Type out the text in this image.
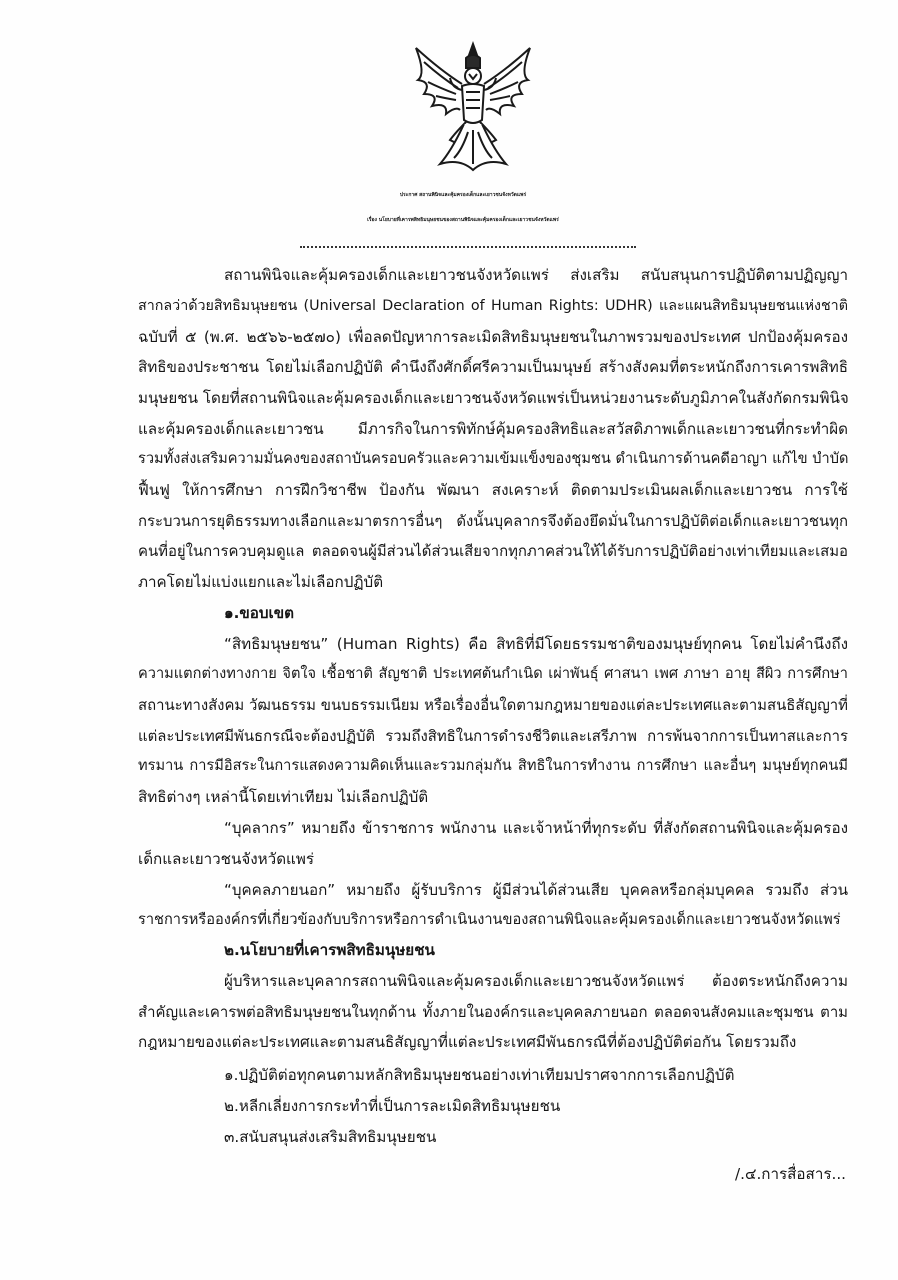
ประกาศ สถานพินิจและคุ้มครองเด็กและเยาวชนจังหวัดแพร่
เรื่อง นโยบายที่เคารพสิทธิมนุษยชนของสถานพินิจและคุ้มครองเด็กและเยาวชนจังหวัดแพร่
สถานพินิจและคุ้มครองเด็กและเยาวชนจังหวัดแพร่ ส่งเสริม สนับสนุนการปฏิบัติตามปฏิญญา
สากลว่าด้วยสิทธิมนุษยชน (Universal Declaration of Human Rights: UDHR) และแผนสิทธิมนุษยชนแห่งชาติ
ฉบับที่ ๕ (พ.ศ. ๒๕๖๖-๒๕๗๐) เพื่อลดปัญหาการละเมิดสิทธิมนุษยชนในภาพรวมของประเทศ ปกป้องคุ้มครอง
สิทธิของประชาชน โดยไม่เลือกปฏิบัติ คำนึงถึงศักดิ์ศรีความเป็นมนุษย์ สร้างสังคมที่ตระหนักถึงการเคารพสิทธิ
มนุษยชน โดยที่สถานพินิจและคุ้มครองเด็กและเยาวชนจังหวัดแพร่เป็นหน่วยงานระดับภูมิภาคในสังกัดกรมพินิจ
และคุ้มครองเด็กและเยาวชน มีภารกิจในการพิทักษ์คุ้มครองสิทธิและสวัสดิภาพเด็กและเยาวชนที่กระทำผิด
รวมทั้งส่งเสริมความมั่นคงของสถาบันครอบครัวและความเข้มแข็งของชุมชน ดำเนินการด้านคดีอาญา แก้ไข บำบัด
ฟื้นฟู ให้การศึกษา การฝึกวิชาชีพ ป้องกัน พัฒนา สงเคราะห์ ติดตามประเมินผลเด็กและเยาวชน การใช้
กระบวนการยุติธรรมทางเลือกและมาตรการอื่นๆ ดังนั้นบุคลากรจึงต้องยึดมั่นในการปฏิบัติต่อเด็กและเยาวชนทุก
คนที่อยู่ในการควบคุมดูแล ตลอดจนผู้มีส่วนได้ส่วนเสียจากทุกภาคส่วนให้ได้รับการปฏิบัติอย่างเท่าเทียมและเสมอ
ภาคโดยไม่แบ่งแยกและไม่เลือกปฏิบัติ
๑.ขอบเขต
“สิทธิมนุษยชน” (Human Rights) คือ สิทธิที่มีโดยธรรมชาติของมนุษย์ทุกคน โดยไม่คำนึงถึง
ความแตกต่างทางกาย จิตใจ เชื้อชาติ สัญชาติ ประเทศต้นกำเนิด เผ่าพันธุ์ ศาสนา เพศ ภาษา อายุ สีผิว การศึกษา
สถานะทางสังคม วัฒนธรรม ขนบธรรมเนียม หรือเรื่องอื่นใดตามกฎหมายของแต่ละประเทศและตามสนธิสัญญาที่
แต่ละประเทศมีพันธกรณีจะต้องปฏิบัติ รวมถึงสิทธิในการดำรงชีวิตและเสรีภาพ การพ้นจากการเป็นทาสและการ
ทรมาน การมีอิสระในการแสดงความคิดเห็นและรวมกลุ่มกัน สิทธิในการทำงาน การศึกษา และอื่นๆ มนุษย์ทุกคนมี
สิทธิต่างๆ เหล่านี้โดยเท่าเทียม ไม่เลือกปฏิบัติ
“บุคลากร” หมายถึง ข้าราชการ พนักงาน และเจ้าหน้าที่ทุกระดับ ที่สังกัดสถานพินิจและคุ้มครอง
เด็กและเยาวชนจังหวัดแพร่
“บุคคลภายนอก” หมายถึง ผู้รับบริการ ผู้มีส่วนได้ส่วนเสีย บุคคลหรือกลุ่มบุคคล รวมถึง ส่วน
ราชการหรือองค์กรที่เกี่ยวข้องกับบริการหรือการดำเนินงานของสถานพินิจและคุ้มครองเด็กและเยาวชนจังหวัดแพร่
๒.นโยบายที่เคารพสิทธิมนุษยชน
ผู้บริหารและบุคลากรสถานพินิจและคุ้มครองเด็กและเยาวชนจังหวัดแพร่ ต้องตระหนักถึงความ
สำคัญและเคารพต่อสิทธิมนุษยชนในทุกด้าน ทั้งภายในองค์กรและบุคคลภายนอก ตลอดจนสังคมและชุมชน ตาม
กฎหมายของแต่ละประเทศและตามสนธิสัญญาที่แต่ละประเทศมีพันธกรณีที่ต้องปฏิบัติต่อกัน โดยรวมถึง
๑.ปฏิบัติต่อทุกคนตามหลักสิทธิมนุษยชนอย่างเท่าเทียมปราศจากการเลือกปฏิบัติ
๒.หลีกเลี่ยงการกระทำที่เป็นการละเมิดสิทธิมนุษยชน
๓.สนับสนุนส่งเสริมสิทธิมนุษยชน
/.๔.การสื่อสาร...
